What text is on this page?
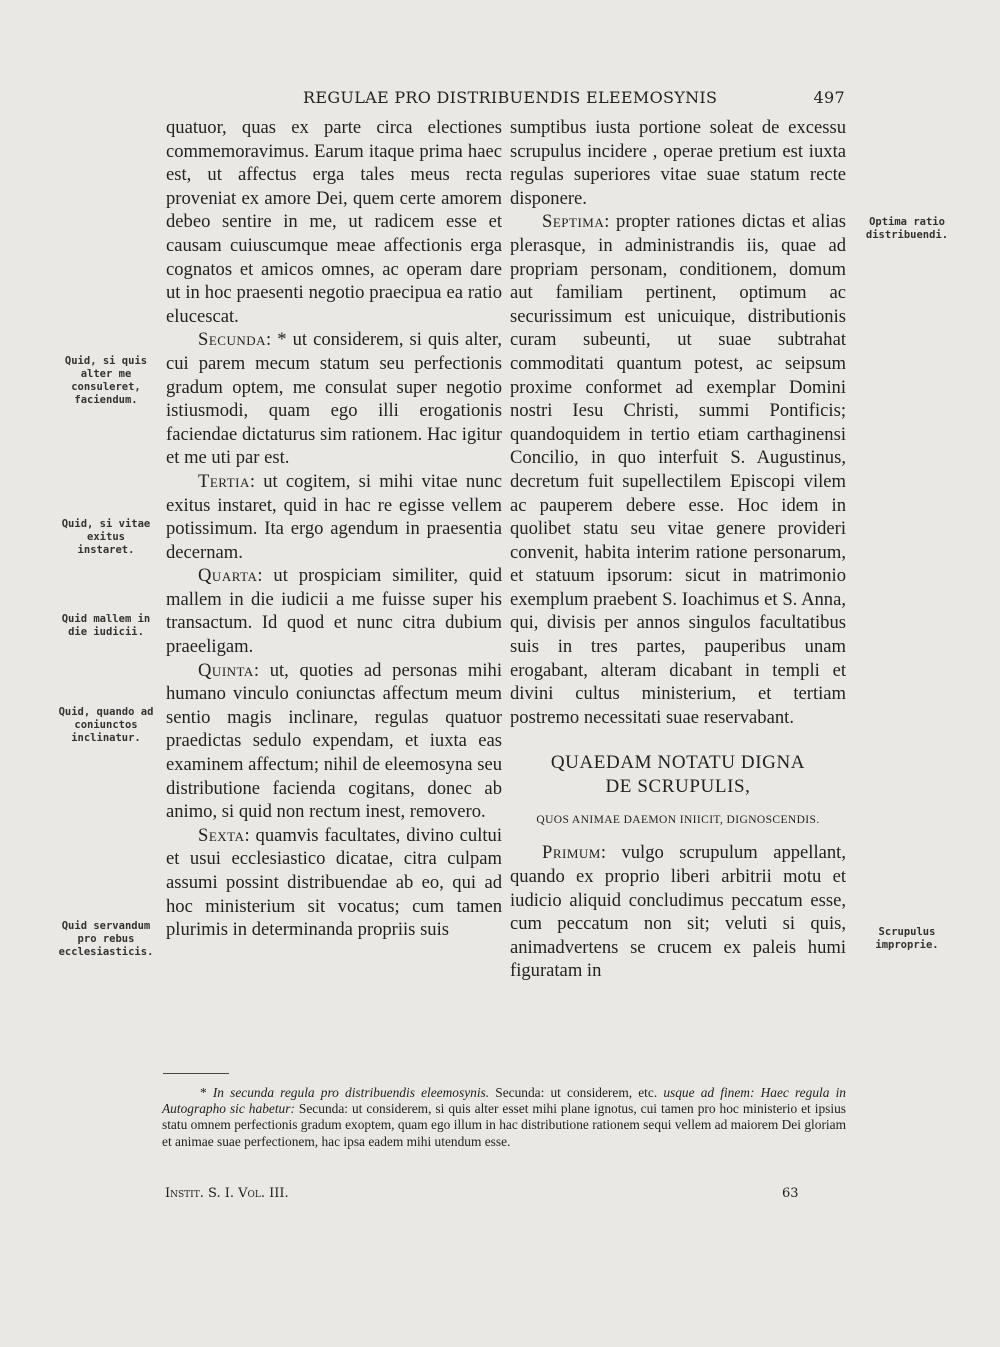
REGULAE PRO DISTRIBUENDIS ELEEMOSYNIS	497

quatuor, quas ex parte circa electiones commemoravimus. Earum itaque prima haec est, ut affectus erga tales meus recta proveniat ex amore Dei, quem certe amorem debeo sentire in me, ut radicem esse et causam cuiuscumque meae affectionis erga cognatos et amicos omnes, ac operam dare ut in hoc praesenti negotio praecipua ea ratio elucescat.

Secunda: * ut considerem, si quis alter, cui parem mecum statum seu perfectionis gradum optem, me consulat super negotio istiusmodi, quam ego illi erogationis faciendae dictaturus sim rationem. Hac igitur et me uti par est.

Tertia: ut cogitem, si mihi vitae nunc exitus instaret, quid in hac re egisse vellem potissimum. Ita ergo agendum in praesentia decernam.

Quarta: ut prospiciam similiter, quid mallem in die iudicii a me fuisse super his transactum. Id quod et nunc citra dubium praeeligam.

Quinta: ut, quoties ad personas mihi humano vinculo coniunctas affectum meum sentio magis inclinare, regulas quatuor praedictas sedulo expendam, et iuxta eas examinem affectum; nihil de eleemosyna seu distributione facienda cogitans, donec ab animo, si quid non rectum inest, removero.

Sexta: quamvis facultates, divino cultui et usui ecclesiastico dicatae, citra culpam assumi possint distribuendae ab eo, qui ad hoc ministerium sit vocatus; cum tamen plurimis in determinanda propriis suis

sumptibus iusta portione soleat de excessu scrupulus incidere , operae pretium est iuxta regulas superiores vitae suae statum recte disponere.

Septima: propter rationes dictas et alias plerasque, in administrandis iis, quae ad propriam personam, conditionem, domum aut familiam pertinent, optimum ac securissimum est unicuique, distributionis curam subeunti, ut suae subtrahat commoditati quantum potest, ac seipsum proxime conformet ad exemplar Domini nostri Iesu Christi, summi Pontificis; quandoquidem in tertio etiam carthaginensi Concilio, in quo interfuit S. Augustinus, decretum fuit supellectilem Episcopi vilem ac pauperem debere esse. Hoc idem in quolibet statu seu vitae genere provideri convenit, habita interim ratione personarum, et statuum ipsorum: sicut in matrimonio exemplum praebent S. Ioachimus et S. Anna, qui, divisis per annos singulos facultatibus suis in tres partes, pauperibus unam erogabant, alteram dicabant in templi et divini cultus ministerium, et tertiam postremo necessitati suae reservabant.

QUAEDAM NOTATU DIGNA
DE SCRUPULIS,
QUOS ANIMAE DAEMON INIICIT, DIGNOSCENDIS.

Primum: vulgo scrupulum appellant, quando ex proprio liberi arbitrii motu et iudicio aliquid concludimus peccatum esse, cum peccatum non sit; veluti si quis, animadvertens se crucem ex paleis humi figuratam in

Quid, si quis alter me consuleret, faciendum.
Quid, si vitae exitus instaret.
Quid mallem in die iudicii.
Quid, quando ad coniunctos inclinatur.
Quid servandum pro rebus ecclesiasticis.
Optima ratio distribuendi.
Scrupulus improprie.
* In secunda regula pro distribuendis eleemosynis. Secunda: ut considerem, etc. usque ad finem: Haec regula in Autographo sic habetur: Secunda: ut considerem, si quis alter esset mihi plane ignotus, cui tamen pro hoc ministerio et ipsius statu omnem perfectionis gradum exoptem, quam ego illum in hac distributione rationem sequi vellem ad maiorem Dei gloriam et animae suae perfectionem, hac ipsa eadem mihi utendum esse.
Instit. S. I. Vol. III.	63
